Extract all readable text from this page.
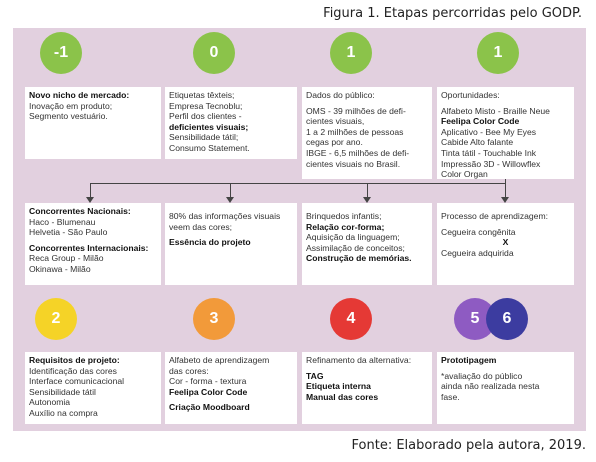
Figura 1. Etapas percorridas pelo GODP.
-1	0	1	1
Novo nicho de mercado:
Inovação em produto;
Segmento vestuário.
Etiquetas têxteis;
Empresa Tecnoblu;
Perfil dos clientes -
deficientes visuais;
Sensibilidade tátil;
Consumo Statement.
Dados do público:
OMS - 39 milhões de defi-
cientes visuais,
1 a 2 milhões de pessoas
cegas por ano.
IBGE - 6,5 milhões de defi-
cientes visuais no Brasil.
Oportunidades:
Alfabeto Misto - Braille Neue
Feelipa Color Code
Aplicativo - Bee My Eyes
Cabide Alto falante
Tinta tátil - Touchable Ink
Impressão 3D - Willowflex
Color Organ
Concorrentes Nacionais:
Haco - Blumenau
Helvetia - São Paulo
Concorrentes Internacionais:
Reca Group - Milão
Okinawa - Milão
80% das informações visuais
veem das cores;
Essência do projeto
Brinquedos infantis;
Relação cor-forma;
Aquisição da linguagem;
Assimilação de conceitos;
Construção de memórias.
Processo de aprendizagem:
Cegueira congênita
X
Cegueira adquirida
2	3	4	5	6
Requisitos de projeto:
Identificação das cores
Interface comunicacional
Sensibilidade tátil
Autonomia
Auxílio na compra
Alfabeto de aprendizagem
das cores:
Cor - forma - textura
Feelipa Color Code
Criação Moodboard
Refinamento da alternativa:
TAG
Etiqueta interna
Manual das cores
Prototipagem
*avaliação do público
ainda não realizada nesta
fase.
Fonte: Elaborado pela autora, 2019.
